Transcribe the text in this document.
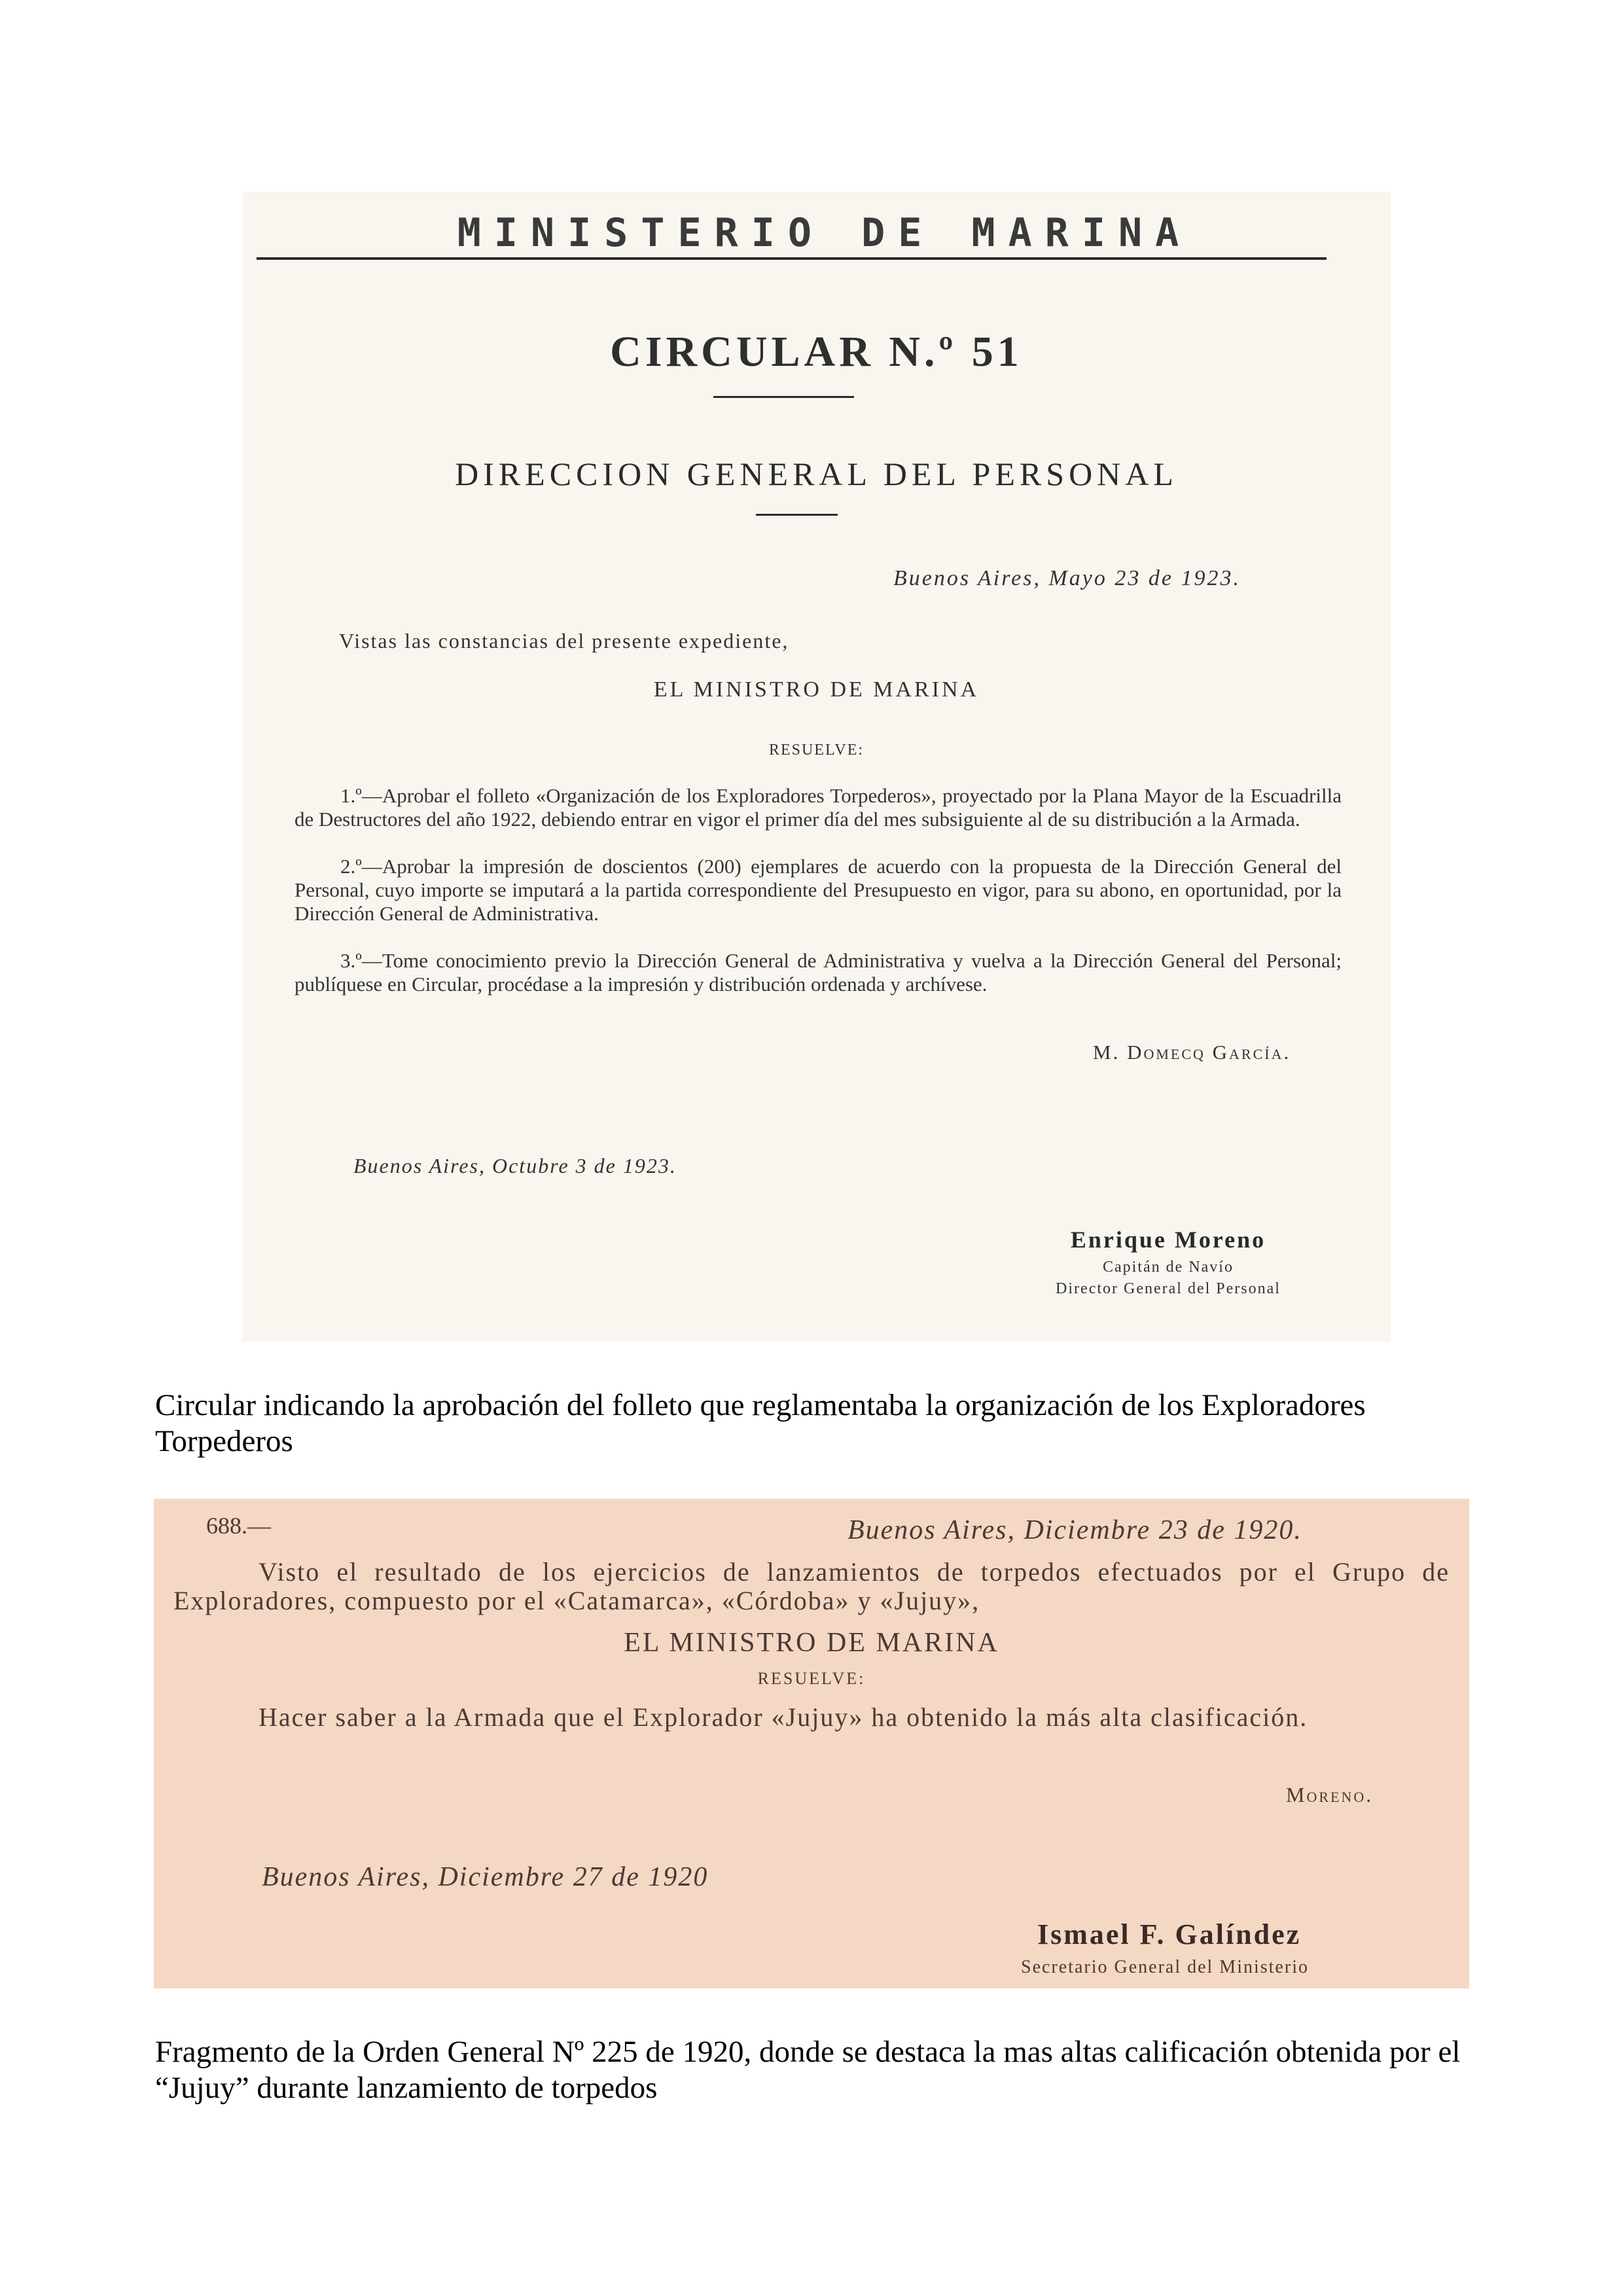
MINISTERIO DE MARINA
CIRCULAR N.º 51
DIRECCION GENERAL DEL PERSONAL
Buenos Aires, Mayo 23 de 1923.
Vistas las constancias del presente expediente,
EL MINISTRO DE MARINA
RESUELVE:
1.º—Aprobar el folleto «Organización de los Exploradores Torpederos», proyectado por la Plana Mayor de la Escuadrilla de Destructores del año 1922, debiendo entrar en vigor el primer día del mes subsiguiente al de su distribución a la Armada.
2.º—Aprobar la impresión de doscientos (200) ejemplares de acuerdo con la propuesta de la Dirección General del Personal, cuyo importe se imputará a la partida correspondiente del Presupuesto en vigor, para su abono, en oportunidad, por la Dirección General de Administrativa.
3.º—Tome conocimiento previo la Dirección General de Administrativa y vuelva a la Dirección General del Personal; publíquese en Circular, procédase a la impresión y distribución ordenada y archívese.
M. Domecq García.
Buenos Aires, Octubre 3 de 1923.
Enrique Moreno
Capitán de Navío
Director General del Personal
Circular indicando la aprobación del folleto que reglamentaba la organización de los Exploradores Torpederos
688.—	Buenos Aires, Diciembre 23 de 1920.
Visto el resultado de los ejercicios de lanzamientos de torpedos efectuados por el Grupo de Exploradores, compuesto por el «Catamarca», «Córdoba» y «Jujuy»,
EL MINISTRO DE MARINA
RESUELVE:
Hacer saber a la Armada que el Explorador «Jujuy» ha obtenido la más alta clasificación.
Moreno.
Buenos Aires, Diciembre 27 de 1920
Ismael F. Galíndez
Secretario General del Ministerio
Fragmento de la Orden General Nº 225 de 1920, donde se destaca la mas altas calificación obtenida por el “Jujuy” durante lanzamiento de torpedos
